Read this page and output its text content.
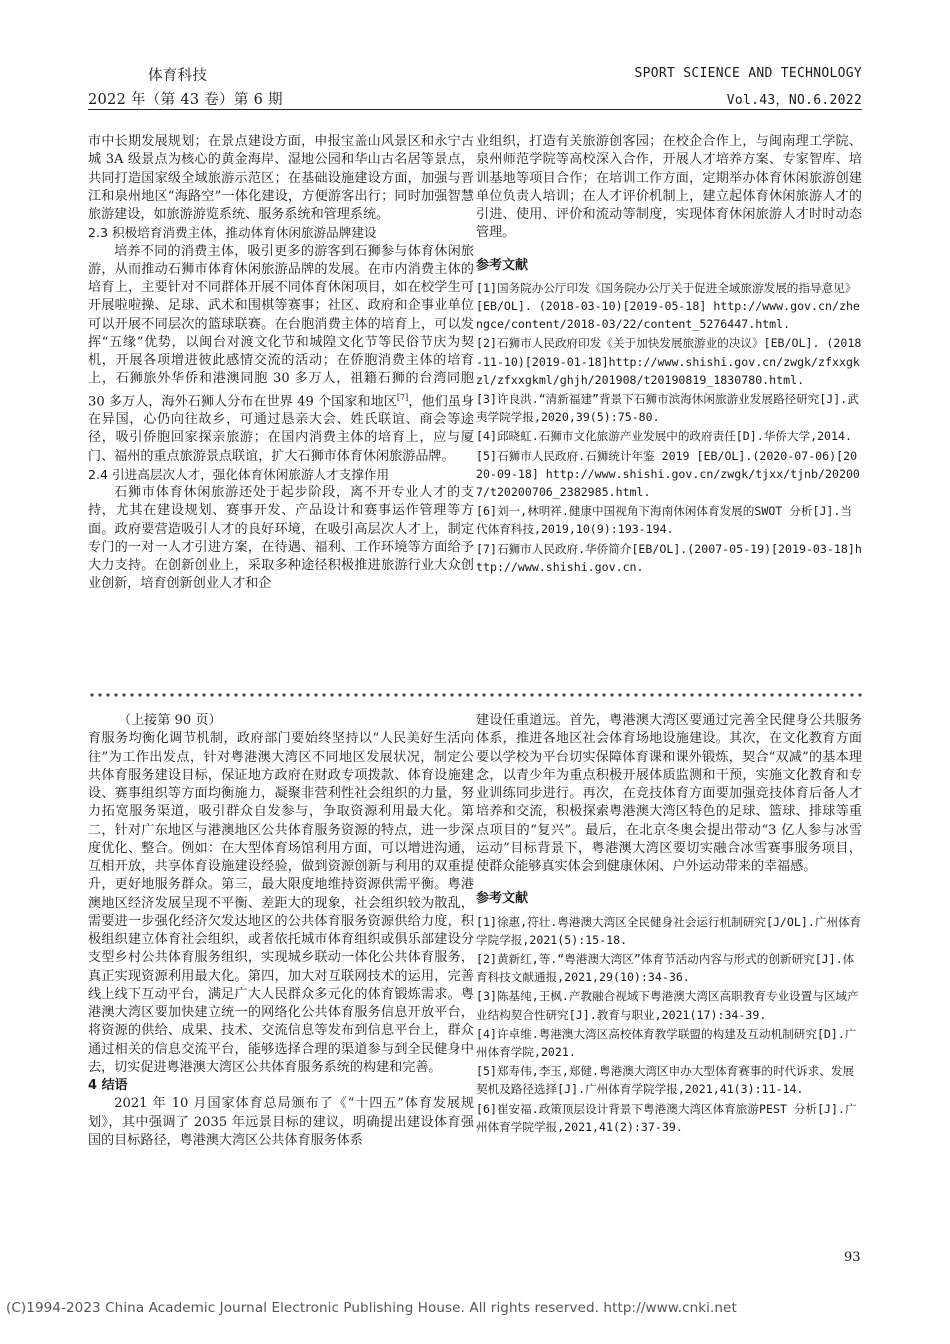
体育科技
2022 年（第 43 卷）第 6 期
SPORT SCIENCE AND TECHNOLOGY
Vol.43，NO.6.2022

市中长期发展规划；在景点建设方面，申报宝盖山风景区和永宁古城 3A 级景点为核心的黄金海岸、湿地公园和华山古名居等景点，共同打造国家级全域旅游示范区；在基础设施建设方面，加强与晋江和泉州地区“海路空”一体化建设，方便游客出行；同时加强智慧旅游建设，如旅游游览系统、服务系统和管理系统。

2.3 积极培育消费主体，推动体育休闲旅游品牌建设

培养不同的消费主体，吸引更多的游客到石狮参与体育休闲旅游，从而推动石狮市体育休闲旅游品牌的发展。在市内消费主体的培育上，主要针对不同群体开展不同体育休闲项目，如在校学生可开展啦啦操、足球、武术和围棋等赛事；社区、政府和企事业单位可以开展不同层次的篮球联赛。在台胞消费主体的培育上，可以发挥“五缘”优势，以闽台对渡文化节和城隍文化节等民俗节庆为契机，开展各项增进彼此感情交流的活动；在侨胞消费主体的培育上，石狮旅外华侨和港澳同胞 30 多万人，祖籍石狮的台湾同胞 30 多万人，海外石狮人分布在世界 49 个国家和地区[7]，他们虽身在异国，心仍向往故乡，可通过恳亲大会、姓氏联谊、商会等途径，吸引侨胞回家探亲旅游；在国内消费主体的培育上，应与厦门、福州的重点旅游景点联谊，扩大石狮市体育休闲旅游品牌。

2.4 引进高层次人才，强化体育休闲旅游人才支撑作用

石狮市体育休闲旅游还处于起步阶段，离不开专业人才的支持，尤其在建设规划、赛事开发、产品设计和赛事运作管理等方面。政府要营造吸引人才的良好环境，在吸引高层次人才上，制定专门的一对一人才引进方案，在待遇、福利、工作环境等方面给予大力支持。在创新创业上，采取多种途径积极推进旅游行业大众创业创新，培育创新创业人才和企

业组织，打造有关旅游创客园；在校企合作上，与闽南理工学院、泉州师范学院等高校深入合作，开展人才培养方案、专家智库、培训基地等项目合作；在培训工作方面，定期举办体育休闲旅游创建单位负责人培训；在人才评价机制上，建立起体育休闲旅游人才的引进、使用、评价和流动等制度，实现体育休闲旅游人才时时动态管理。

参考文献

[1]国务院办公厅印发《国务院办公厅关于促进全域旅游发展的指导意见》[EB/OL]. (2018-03-10)[2019-05-18] http://www.gov.cn/zhengce/content/2018-03/22/content_5276447.html.

[2]石狮市人民政府印发《关于加快发展旅游业的决议》[EB/OL]. (2018-11-10)[2019-01-18]http://www.shishi.gov.cn/zwgk/zfxxgkzl/zfxxgkml/ghjh/201908/t20190819_1830780.html.

[3]许良洪.“清新福建”背景下石狮市滨海休闲旅游业发展路径研究[J].武夷学院学报,2020,39(5):75-80.

[4]邱晓虹.石狮市文化旅游产业发展中的政府责任[D].华侨大学,2014.

[5]石狮市人民政府.石狮统计年鉴 2019 [EB/OL].(2020-07-06)[2020-09-18] http://www.shishi.gov.cn/zwgk/tjxx/tjnb/202007/t20200706_2382985.html.

[6]刘一,林明祥.健康中国视角下海南休闲体育发展的SWOT 分析[J].当代体育科技,2019,10(9):193-194.

[7]石狮市人民政府.华侨简介[EB/OL].(2007-05-19)[2019-03-18]http://www.shishi.gov.cn.

（上接第 90 页）

育服务均衡化调节机制，政府部门要始终坚持以“人民美好生活向往”为工作出发点，针对粤港澳大湾区不同地区发展状况，制定公共体育服务建设目标，保证地方政府在财政专项拨款、体育设施建设、赛事组织等方面均衡施力，凝聚非营利性社会组织的力量，努力拓宽服务渠道，吸引群众自发参与，争取资源利用最大化。第二，针对广东地区与港澳地区公共体育服务资源的特点，进一步深度优化、整合。例如：在大型体育场馆利用方面，可以增进沟通，互相开放，共享体育设施建设经验，做到资源创新与利用的双重提升，更好地服务群众。第三，最大限度地维持资源供需平衡。粤港澳地区经济发展呈现不平衡、差距大的现象，社会组织较为散乱，需要进一步强化经济欠发达地区的公共体育服务资源供给力度，积极组织建立体育社会组织，或者依托城市体育组织或俱乐部建设分支型乡村公共体育服务组织，实现城乡联动一体化公共体育服务，真正实现资源利用最大化。第四，加大对互联网技术的运用，完善线上线下互动平台，满足广大人民群众多元化的体育锻炼需求。粤港澳大湾区要加快建立统一的网络化公共体育服务信息开放平台，将资源的供给、成果、技术、交流信息等发布到信息平台上，群众通过相关的信息交流平台，能够选择合理的渠道参与到全民健身中去，切实促进粤港澳大湾区公共体育服务系统的构建和完善。

4 结语

2021 年 10 月国家体育总局颁布了《“十四五”体育发展规划》，其中强调了 2035 年远景目标的建议，明确提出建设体育强国的目标路径，粤港澳大湾区公共体育服务体系

建设任重道远。首先，粤港澳大湾区要通过完善全民健身公共服务体系，推进各地区社会体育场地设施建设。其次，在文化教育方面要以学校为平台切实保障体育课和课外锻炼，契合“双减”的基本理念，以青少年为重点积极开展体质监测和干预，实施文化教育和专业训练同步进行。再次，在竞技体育方面要加强竞技体育后备人才培养和交流，积极探索粤港澳大湾区特色的足球、篮球、排球等重点项目的“复兴”。最后，在北京冬奥会提出带动“3 亿人参与冰雪运动”目标背景下，粤港澳大湾区要切实融合冰雪赛事服务项目，使群众能够真实体会到健康休闲、户外运动带来的幸福感。

参考文献

[1]徐惠,符壮.粤港澳大湾区全民健身社会运行机制研究[J/OL].广州体育学院学报,2021(5):15-18.

[2]黄新红,等.“粤港澳大湾区”体育节活动内容与形式的创新研究[J].体育科技文献通报,2021,29(10):34-36.

[3]陈基纯,王枫.产教融合视域下粤港澳大湾区高职教育专业设置与区域产业结构契合性研究[J].教育与职业,2021(17):34-39.

[4]许卓维.粤港澳大湾区高校体育教学联盟的构建及互动机制研究[D].广州体育学院,2021.

[5]郑寿伟,李玉,郑健.粤港澳大湾区申办大型体育赛事的时代诉求、发展契机及路径选择[J].广州体育学院学报,2021,41(3):11-14.

[6]崔安福.政策顶层设计背景下粤港澳大湾区体育旅游PEST 分析[J].广州体育学院学报,2021,41(2):37-39.

93
(C)1994-2023 China Academic Journal Electronic Publishing House. All rights reserved. http://www.cnki.net
